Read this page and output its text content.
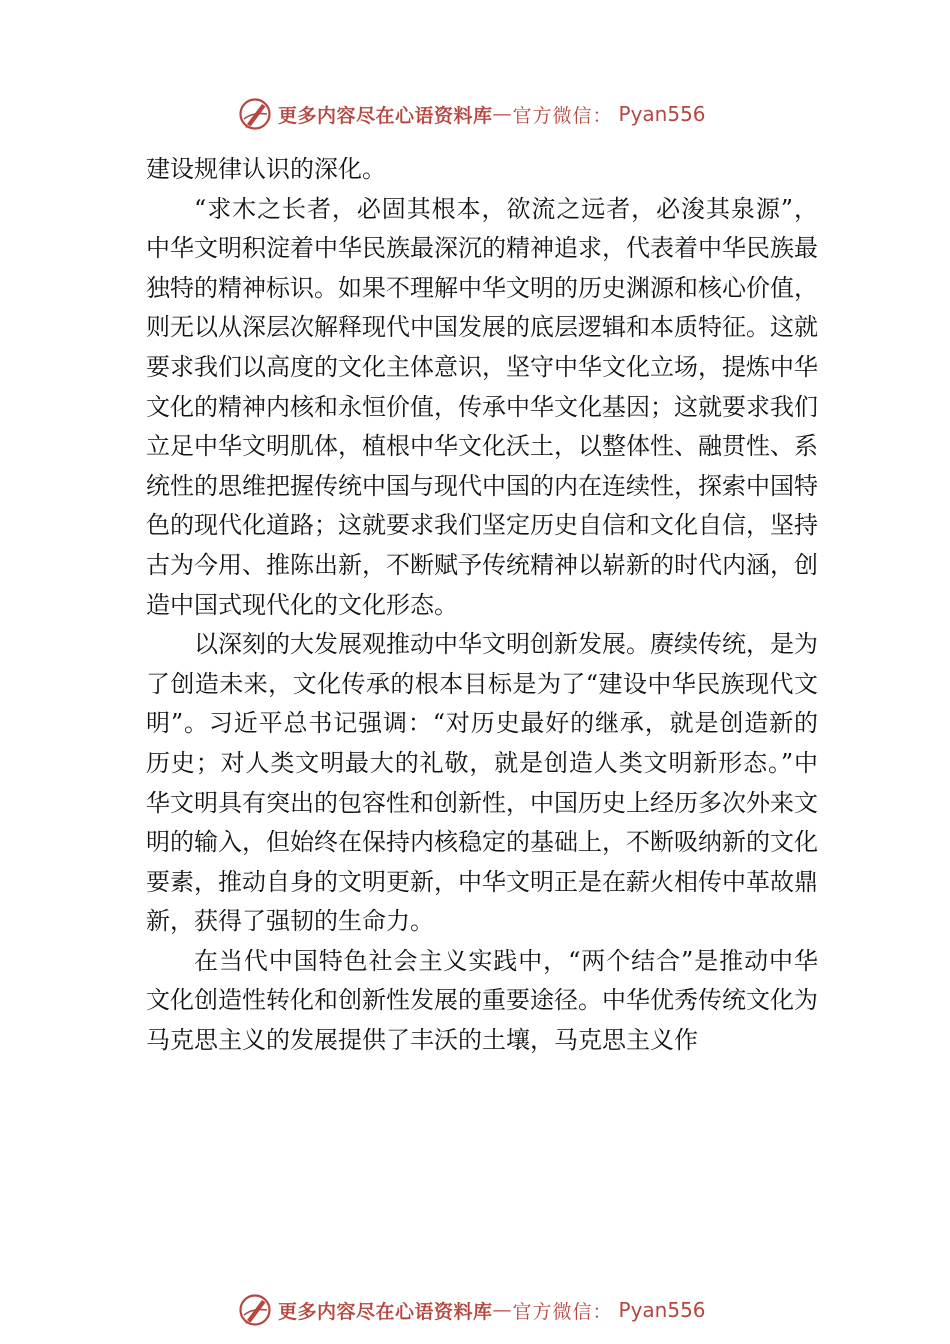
更多内容尽在心语资料库 — 官方微信： Pyan556

建设规律认识的深化。

“求木之长者，必固其根本，欲流之远者，必浚其泉源”，中华文明积淀着中华民族最深沉的精神追求，代表着中华民族最独特的精神标识。如果不理解中华文明的历史渊源和核心价值，则无以从深层次解释现代中国发展的底层逻辑和本质特征。这就要求我们以高度的文化主体意识，坚守中华文化立场，提炼中华文化的精神内核和永恒价值，传承中华文化基因；这就要求我们立足中华文明肌体，植根中华文化沃土，以整体性、融贯性、系统性的思维把握传统中国与现代中国的内在连续性，探索中国特色的现代化道路；这就要求我们坚定历史自信和文化自信，坚持古为今用、推陈出新，不断赋予传统精神以崭新的时代内涵，创造中国式现代化的文化形态。

以深刻的大发展观推动中华文明创新发展。赓续传统，是为了创造未来，文化传承的根本目标是为了“建设中华民族现代文明”。习近平总书记强调：“对历史最好的继承，就是创造新的历史；对人类文明最大的礼敬，就是创造人类文明新形态。”中华文明具有突出的包容性和创新性，中国历史上经历多次外来文明的输入，但始终在保持内核稳定的基础上，不断吸纳新的文化要素，推动自身的文明更新，中华文明正是在薪火相传中革故鼎新，获得了强韧的生命力。

在当代中国特色社会主义实践中，“两个结合”是推动中华文化创造性转化和创新性发展的重要途径。中华优秀传统文化为马克思主义的发展提供了丰沃的土壤，马克思主义作

更多内容尽在心语资料库 — 官方微信： Pyan556
